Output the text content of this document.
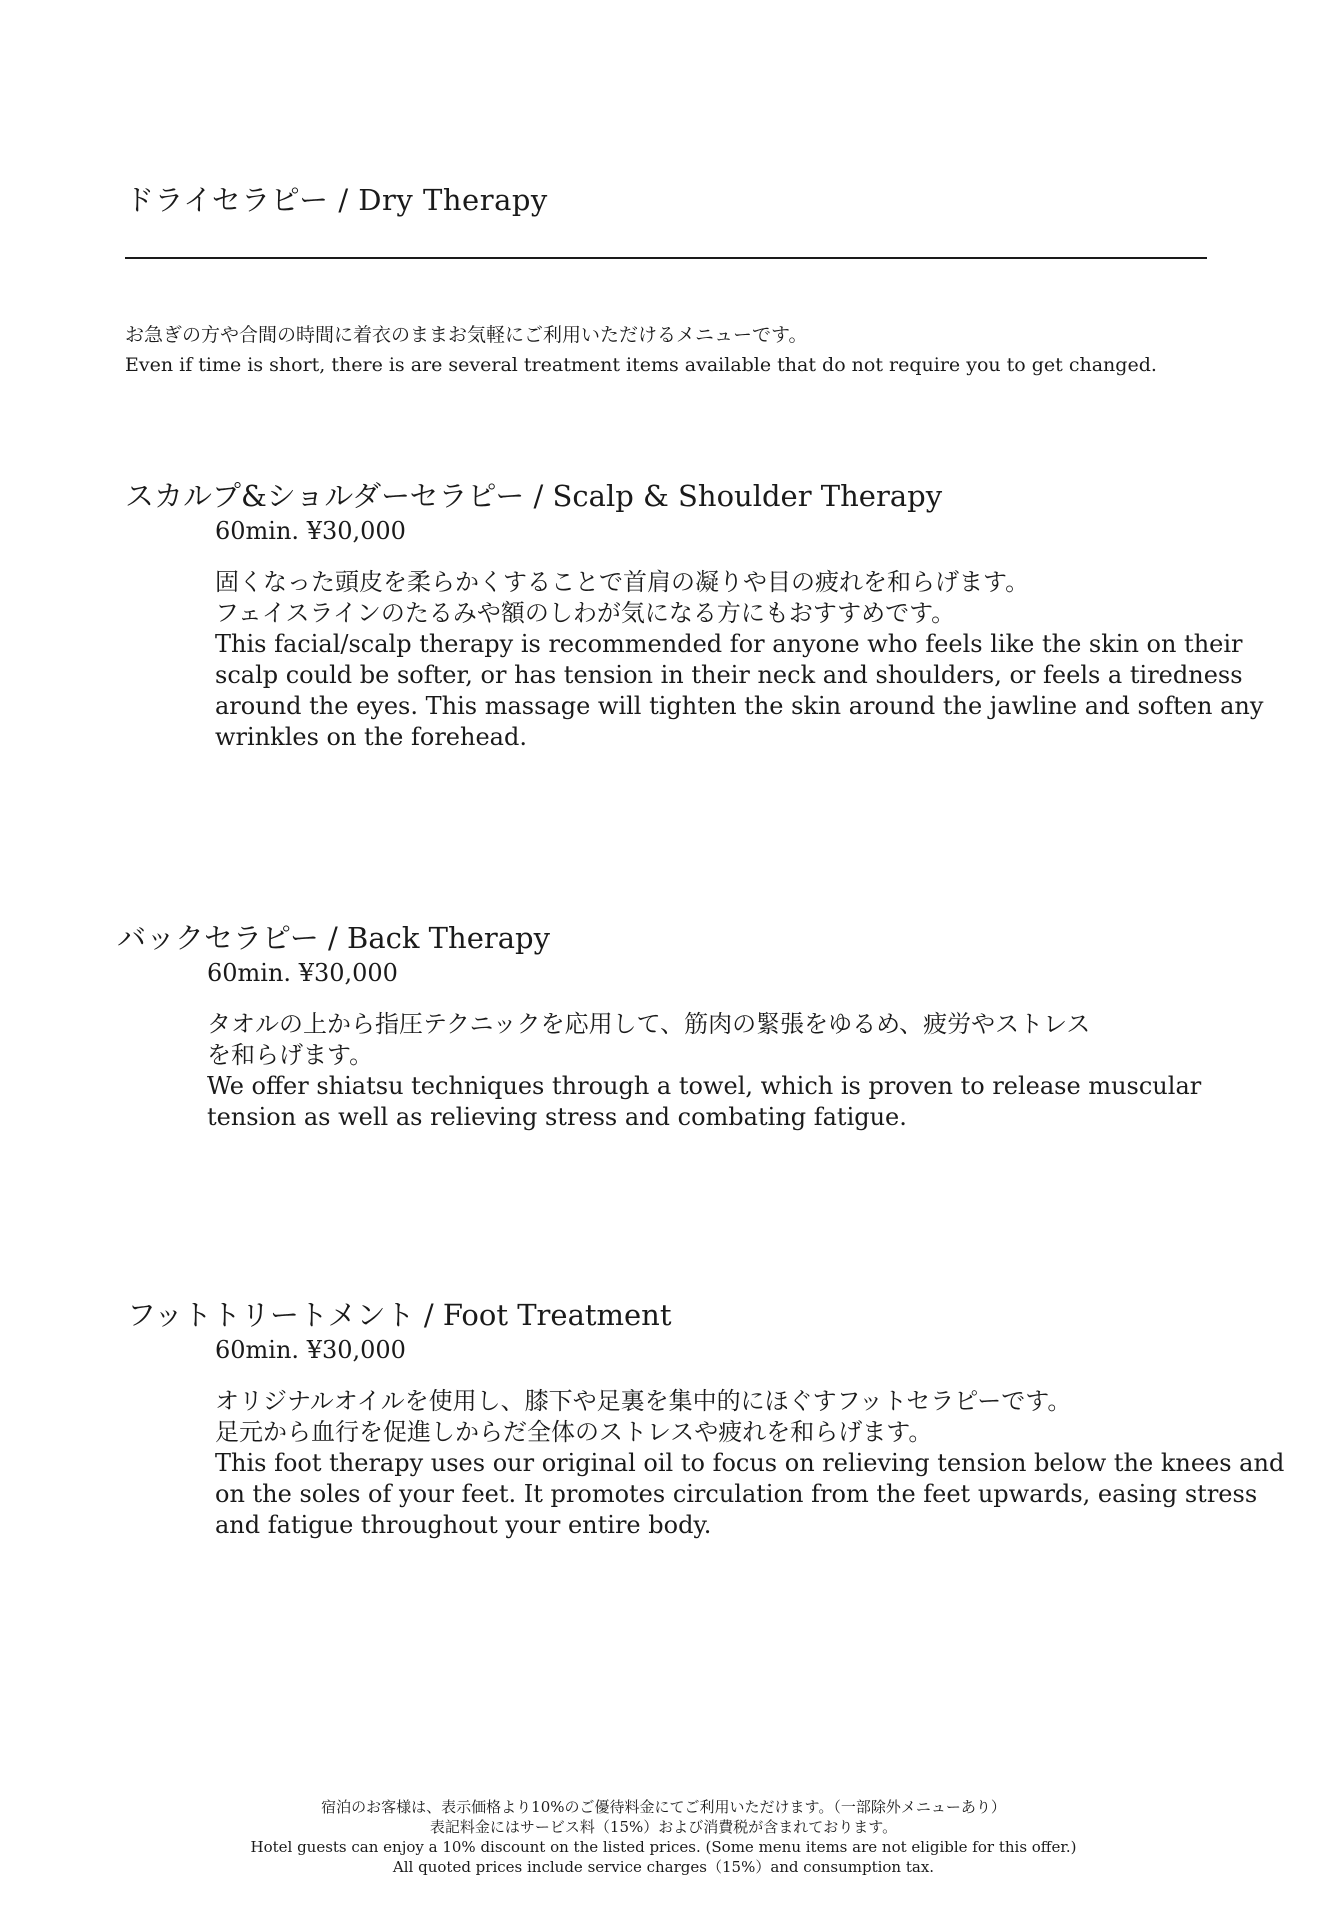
ドライセラピー / Dry Therapy
お急ぎの方や合間の時間に着衣のままお気軽にご利用いただけるメニューです。
Even if time is short, there is are several treatment items available that do not require you to get changed.
スカルプ&ショルダーセラピー / Scalp & Shoulder Therapy
60min. ¥30,000
固くなった頭皮を柔らかくすることで首肩の凝りや目の疲れを和らげます。
フェイスラインのたるみや額のしわが気になる方にもおすすめです。
This facial/scalp therapy is recommended for anyone who feels like the skin on their scalp could be softer, or has tension in their neck and shoulders, or feels a tiredness around the eyes. This massage will tighten the skin around the jawline and soften any wrinkles on the forehead.
バックセラピー / Back Therapy
60min. ¥30,000
タオルの上から指圧テクニックを応用して、筋肉の緊張をゆるめ、疲労やストレス
を和らげます。
We offer shiatsu techniques through a towel, which is proven to release muscular tension as well as relieving stress and combating fatigue.
フットトリートメント / Foot Treatment
60min. ¥30,000
オリジナルオイルを使用し、膝下や足裏を集中的にほぐすフットセラピーです。
足元から血行を促進しからだ全体のストレスや疲れを和らげます。
This foot therapy uses our original oil to focus on relieving tension below the knees and on the soles of your feet. It promotes circulation from the feet upwards, easing stress and fatigue throughout your entire body.
宿泊のお客様は、表示価格より10%のご優待料金にてご利用いただけます。（一部除外メニューあり）
表記料金にはサービス料（15%）および消費税が含まれております。
Hotel guests can enjoy a 10% discount on the listed prices. (Some menu items are not eligible for this offer.)
All quoted prices include service charges（15%）and consumption tax.
